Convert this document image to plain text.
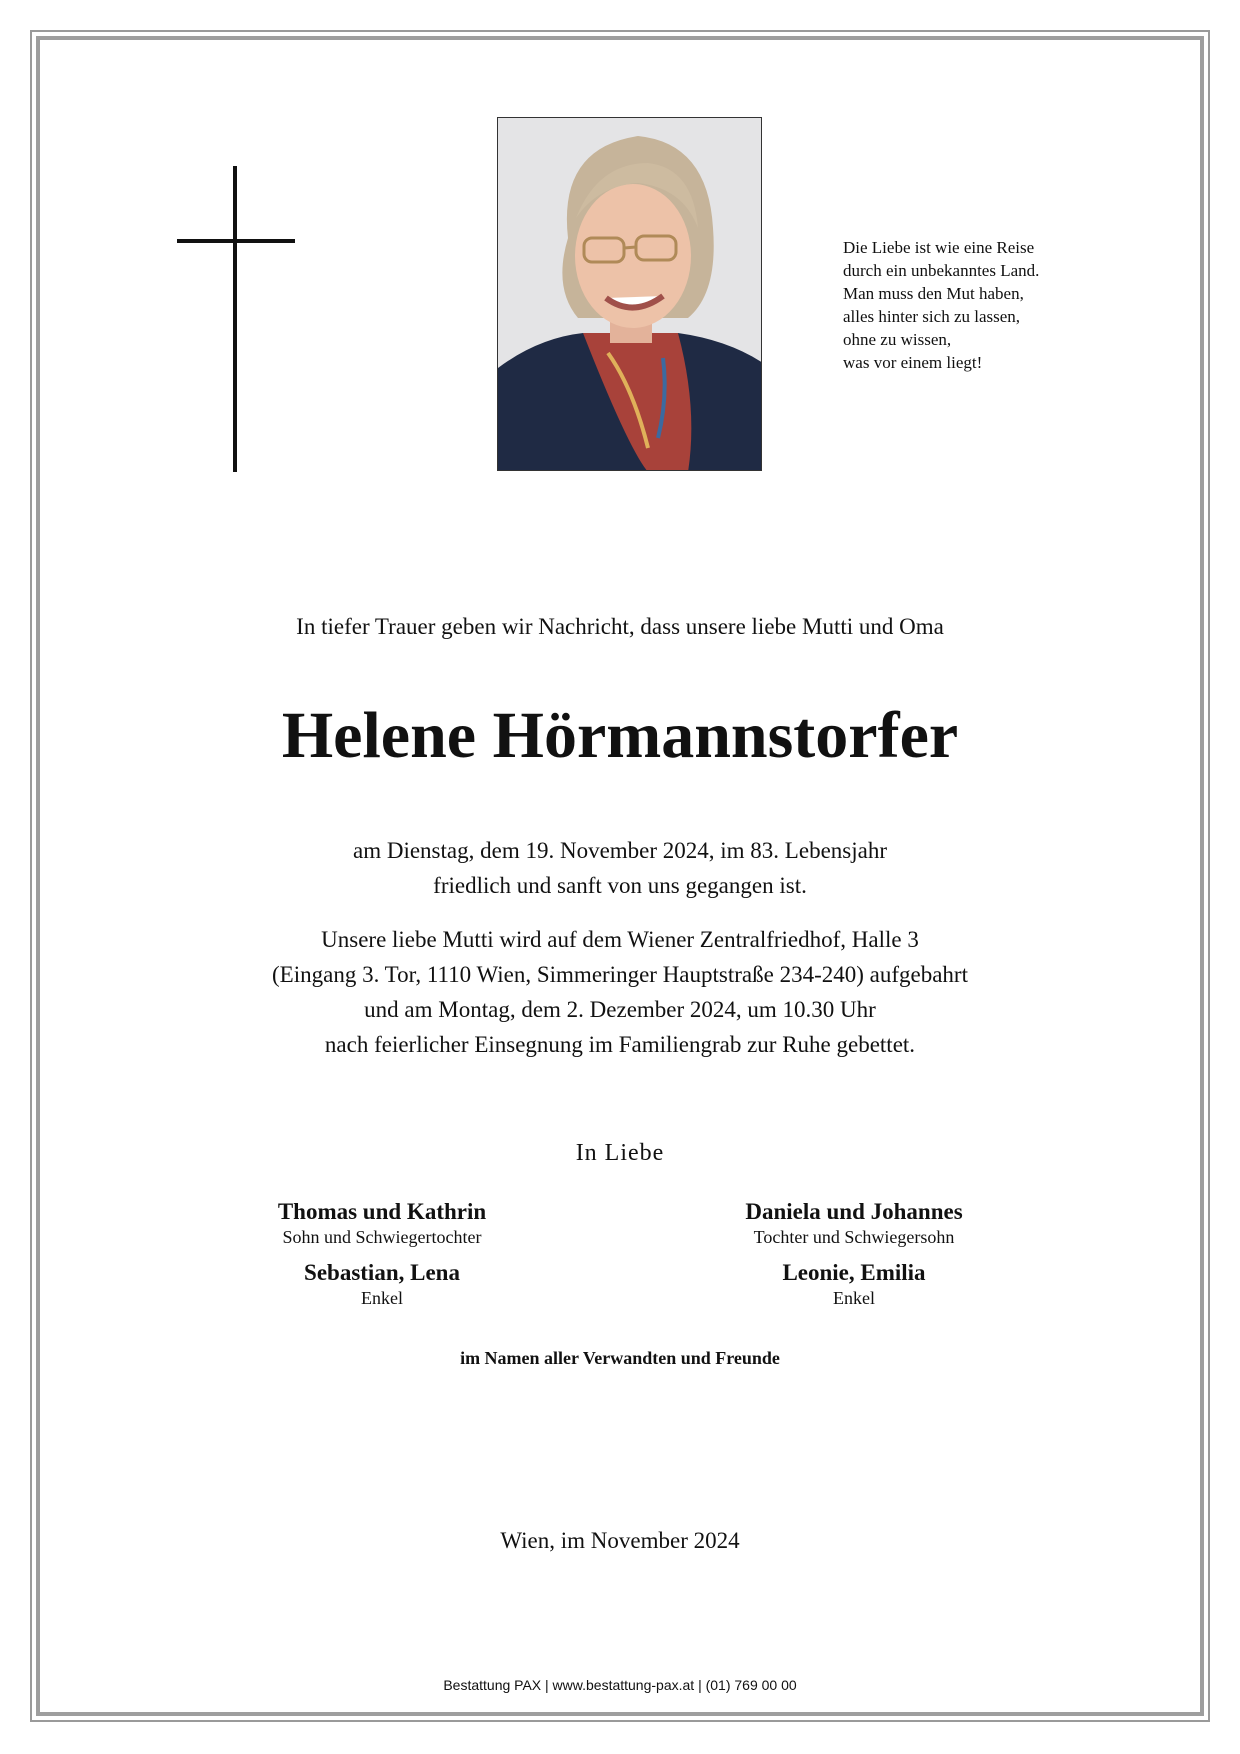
Die Liebe ist wie eine Reise
durch ein unbekanntes Land.
Man muss den Mut haben,
alles hinter sich zu lassen,
ohne zu wissen,
was vor einem liegt!
In tiefer Trauer geben wir Nachricht, dass unsere liebe Mutti und Oma
Helene Hörmannstorfer
am Dienstag, dem 19. November 2024, im 83. Lebensjahr
friedlich und sanft von uns gegangen ist.
Unsere liebe Mutti wird auf dem Wiener Zentralfriedhof, Halle 3
(Eingang 3. Tor, 1110 Wien, Simmeringer Hauptstraße 234-240) aufgebahrt
und am Montag, dem 2. Dezember 2024, um 10.30 Uhr
nach feierlicher Einsegnung im Familiengrab zur Ruhe gebettet.
In Liebe
Thomas und Kathrin
Sohn und Schwiegertochter
Sebastian, Lena
Enkel
Daniela und Johannes
Tochter und Schwiegersohn
Leonie, Emilia
Enkel
im Namen aller Verwandten und Freunde
Wien, im November 2024
Bestattung PAX | www.bestattung-pax.at | (01) 769 00 00
